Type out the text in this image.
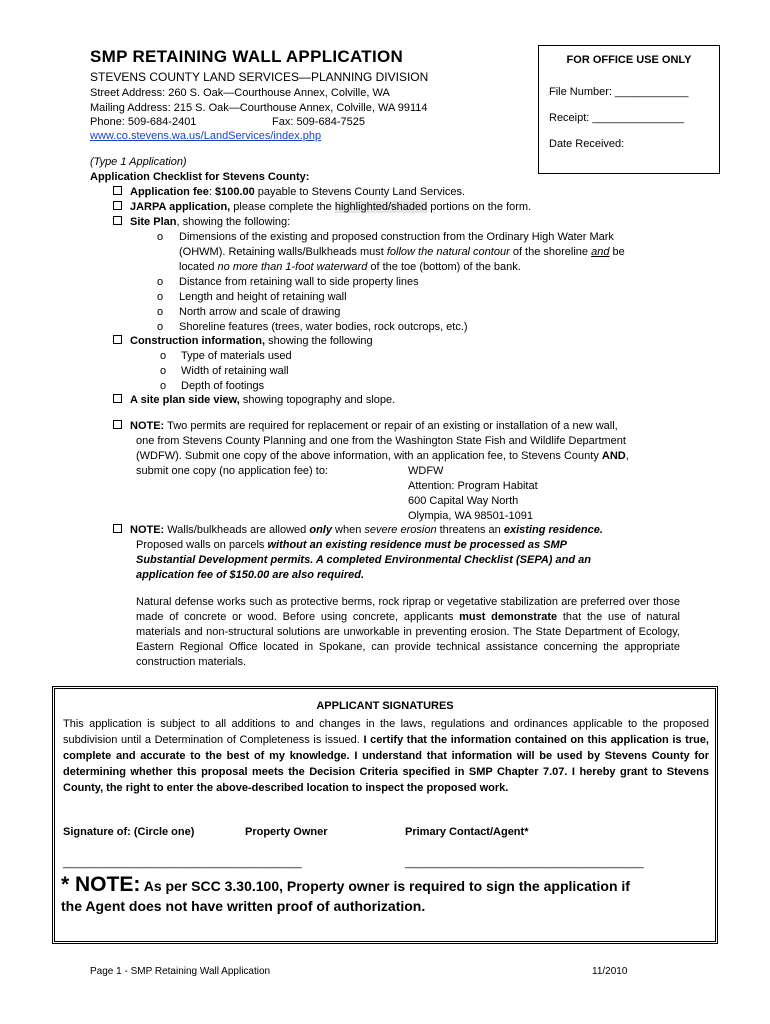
SMP RETAINING WALL APPLICATION
STEVENS COUNTY LAND SERVICES—PLANNING DIVISION
Street Address: 260 S. Oak—Courthouse Annex, Colville, WA
Mailing Address: 215 S. Oak—Courthouse Annex, Colville, WA 99114
Phone: 509-684-2401	Fax: 509-684-7525
www.co.stevens.wa.us/LandServices/index.php
FOR OFFICE USE ONLY
File Number: ____________
Receipt: _______________
Date Received:
(Type 1 Application)
Application Checklist for Stevens County:
Application fee: $100.00 payable to Stevens County Land Services.
JARPA application, please complete the highlighted/shaded portions on the form.
Site Plan, showing the following:
o Dimensions of the existing and proposed construction from the Ordinary High Water Mark
(OHWM). Retaining walls/Bulkheads must follow the natural contour of the shoreline and be
located no more than 1-foot waterward of the toe (bottom) of the bank.
o Distance from retaining wall to side property lines
o Length and height of retaining wall
o North arrow and scale of drawing
o Shoreline features (trees, water bodies, rock outcrops, etc.)
Construction information, showing the following
o Type of materials used
o Width of retaining wall
o Depth of footings
A site plan side view, showing topography and slope.
NOTE: Two permits are required for replacement or repair of an existing or installation of a new wall,
one from Stevens County Planning and one from the Washington State Fish and Wildlife Department
(WDFW). Submit one copy of the above information, with an application fee, to Stevens County AND,
submit one copy (no application fee) to:	WDFW
Attention: Program Habitat
600 Capital Way North
Olympia, WA 98501-1091
NOTE: Walls/bulkheads are allowed only when severe erosion threatens an existing residence.
Proposed walls on parcels without an existing residence must be processed as SMP
Substantial Development permits. A completed Environmental Checklist (SEPA) and an
application fee of $150.00 are also required.
Natural defense works such as protective berms, rock riprap or vegetative stabilization are preferred over those made of concrete or wood. Before using concrete, applicants must demonstrate that the use of natural materials and non-structural solutions are unworkable in preventing erosion. The State Department of Ecology, Eastern Regional Office located in Spokane, can provide technical assistance concerning the appropriate construction materials.
APPLICANT SIGNATURES
This application is subject to all additions to and changes in the laws, regulations and ordinances applicable to the proposed subdivision until a Determination of Completeness is issued. I certify that the information contained on this application is true, complete and accurate to the best of my knowledge. I understand that information will be used by Stevens County for determining whether this proposal meets the Decision Criteria specified in SMP Chapter 7.07. I hereby grant to Stevens County, the right to enter the above-described location to inspect the proposed work.
Signature of: (Circle one)	Property Owner	Primary Contact/Agent*
_______________________________________	_______________________________________
* NOTE: As per SCC 3.30.100, Property owner is required to sign the application if
the Agent does not have written proof of authorization.
Page 1 - SMP Retaining Wall Application	11/2010
